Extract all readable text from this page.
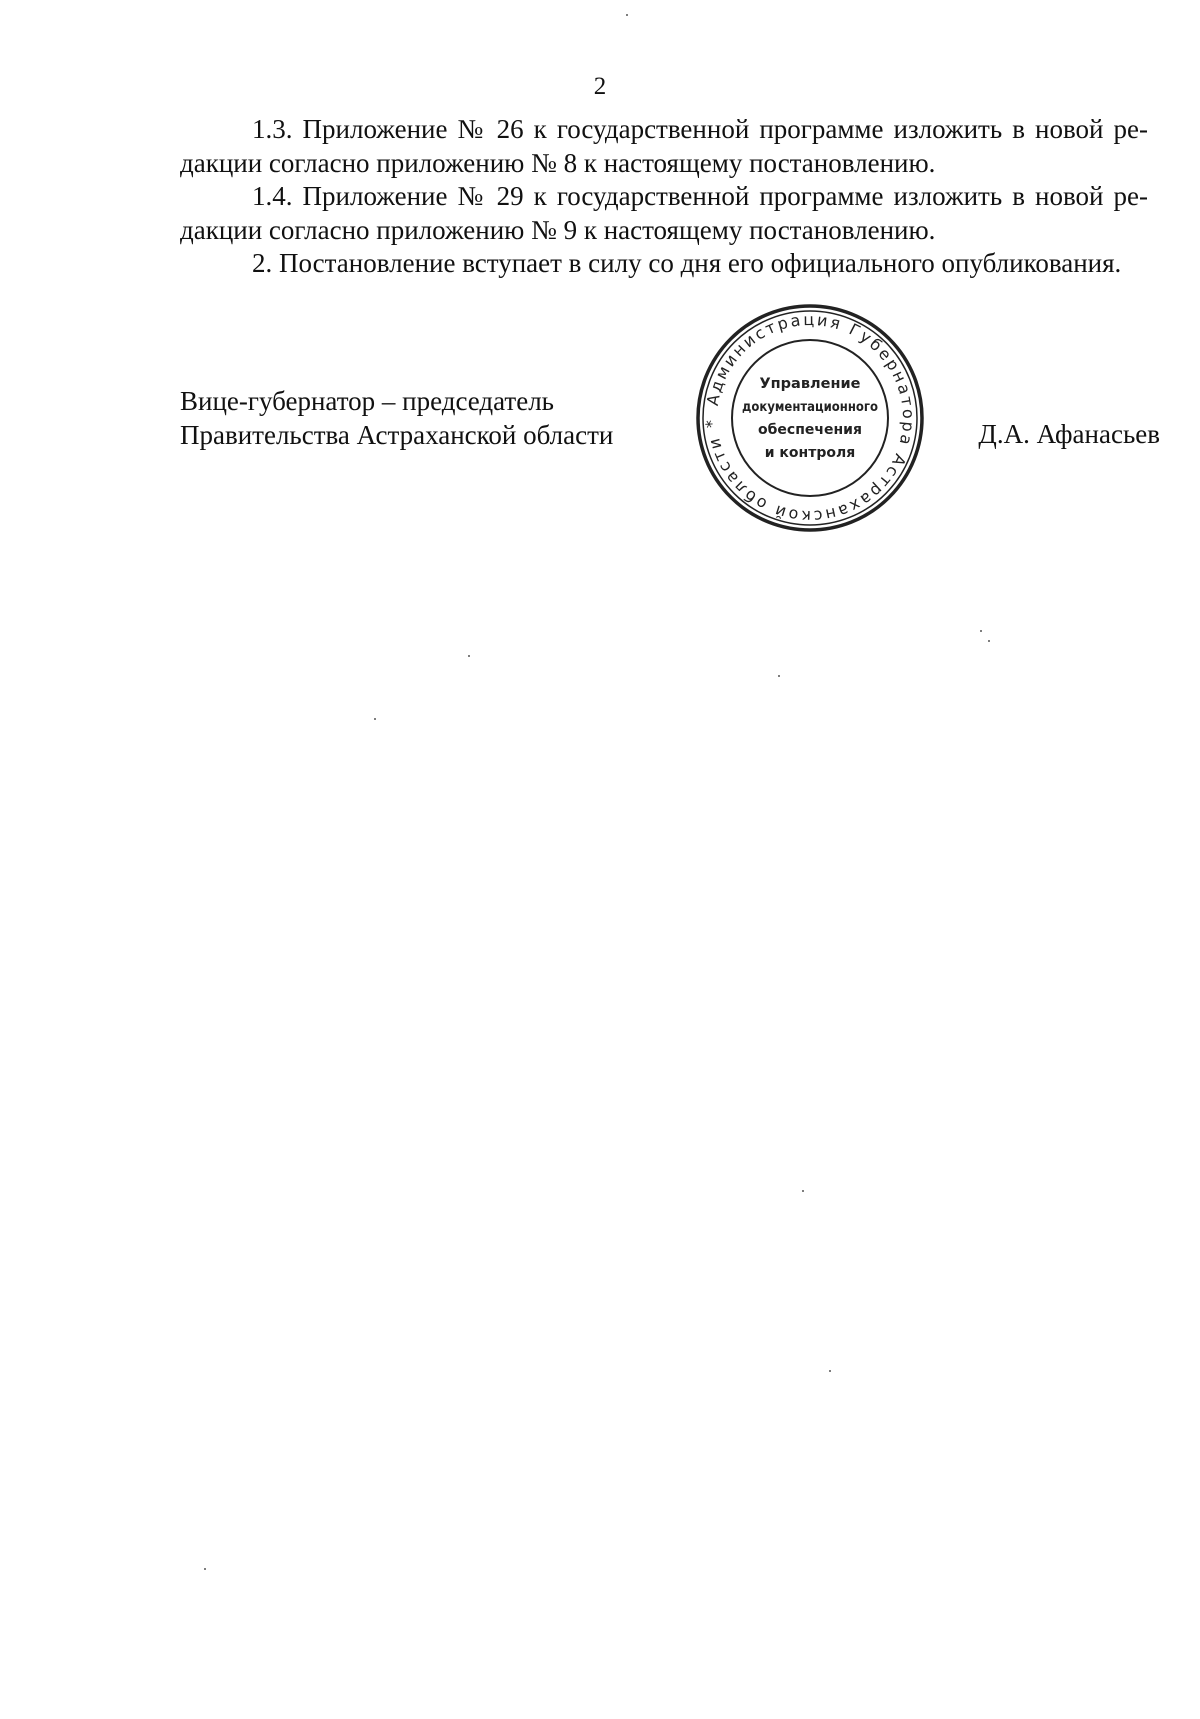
2

1.3. Приложение № 26 к государственной программе изложить в новой ре-
дакции согласно приложению № 8 к настоящему постановлению.

1.4. Приложение № 29 к государственной программе изложить в новой ре-
дакции согласно приложению № 9 к настоящему постановлению.

2. Постановление вступает в силу со дня его официального опубликования.

Вице-губернатор – председатель
Правительства Астраханской области
Администрация Губернатора Астраханской области *
Управление
документационного
обеспечения
и контроля
Д.А. Афанасьев
